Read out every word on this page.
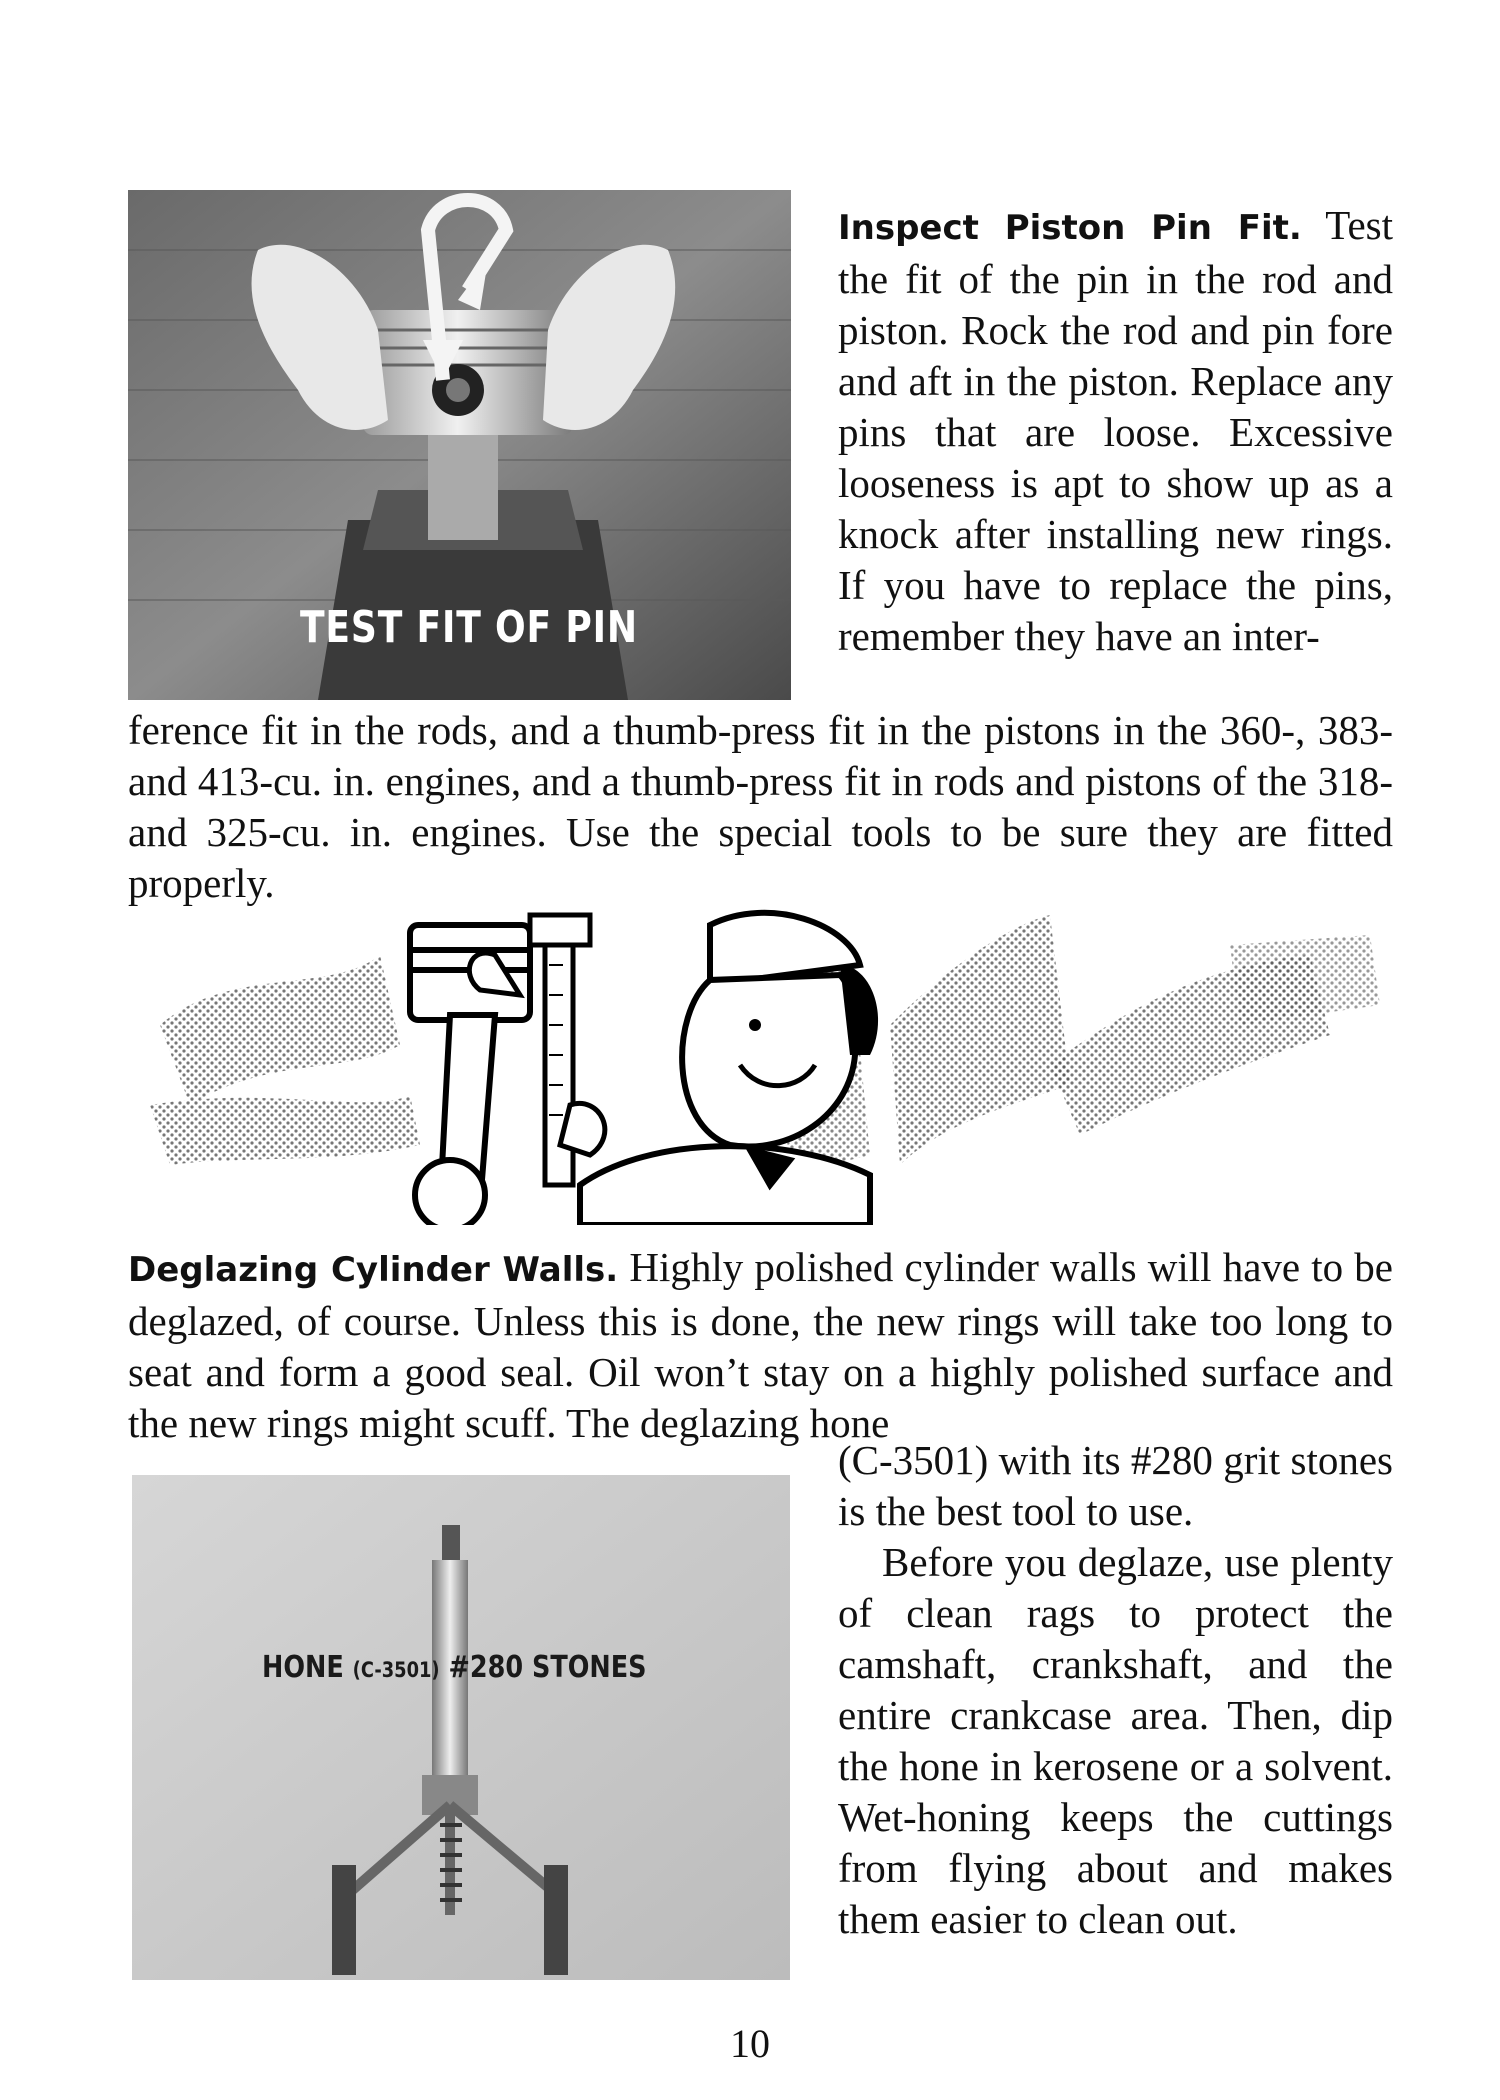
Inspect Piston Pin Fit. Test the fit of the pin in the rod and piston. Rock the rod and pin fore and aft in the piston. Replace any pins that are loose. Excessive looseness is apt to show up as a knock after installing new rings. If you have to replace the pins, remember they have an inter-
TEST FIT OF PIN
ference fit in the rods, and a thumb-press fit in the pistons in the 360-, 383- and 413-cu. in. engines, and a thumb-press fit in rods and pistons of the 318- and 325-cu. in. engines. Use the special tools to be sure they are fitted properly.
Deglazing Cylinder Walls. Highly polished cylinder walls will have to be deglazed, of course. Unless this is done, the new rings will take too long to seat and form a good seal. Oil won’t stay on a highly polished surface and the new rings might scuff. The deglazing hone
HONE (C-3501) #280 STONES
(C-3501) with its #280 grit stones is the best tool to use.
Before you deglaze, use plenty of clean rags to protect the camshaft, crankshaft, and the entire crankcase area. Then, dip the hone in kerosene or a solvent. Wet-honing keeps the cuttings from flying about and makes them easier to clean out.
10
